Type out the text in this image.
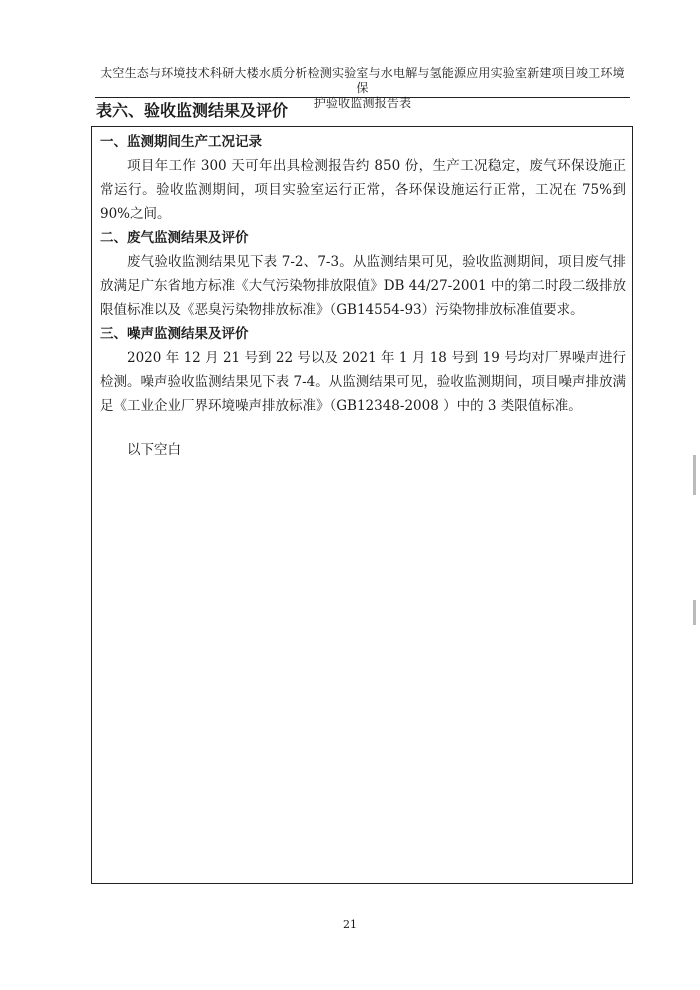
太空生态与环境技术科研大楼水质分析检测实验室与水电解与氢能源应用实验室新建项目竣工环境保
护验收监测报告表
表六、验收监测结果及评价

一、监测期间生产工况记录

项目年工作 300 天可年出具检测报告约 850 份，生产工况稳定，废气环保设施正常运行。验收监测期间，项目实验室运行正常，各环保设施运行正常，工况在 75%到 90%之间。

二、废气监测结果及评价

废气验收监测结果见下表 7-2、7-3。从监测结果可见，验收监测期间，项目废气排放满足广东省地方标准《大气污染物排放限值》DB 44/27-2001 中的第二时段二级排放限值标准以及《恶臭污染物排放标准》（GB14554-93）污染物排放标准值要求。

三、噪声监测结果及评价

2020 年 12 月 21 号到 22 号以及 2021 年 1 月 18 号到 19 号均对厂界噪声进行检测。噪声验收监测结果见下表 7-4。从监测结果可见，验收监测期间，项目噪声排放满足《工业企业厂界环境噪声排放标准》（GB12348-2008 ）中的 3 类限值标准。

以下空白

21
